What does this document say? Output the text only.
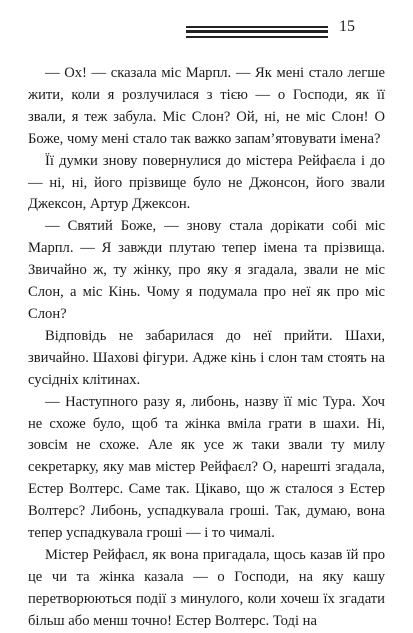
15

— Ох! — сказала міс Марпл. — Як мені стало легше жити, коли я розлучилася з тією — о Господи, як її звали, я теж забула. Міс Слон? Ой, ні, не міс Слон! О Боже, чому мені стало так важко запам’ятовувати імена?

Її думки знову повернулися до містера Рейфаєла і до — ні, ні, його прізвище було не Джонсон, його звали Джексон, Артур Джексон.

— Святий Боже, — знову стала дорікати собі міс Марпл. — Я завжди плутаю тепер імена та прізвища. Звичайно ж, ту жінку, про яку я згадала, звали не міс Слон, а міс Кінь. Чому я подумала про неї як про міс Слон?

Відповідь не забарилася до неї прийти. Шахи, звичайно. Шахові фігури. Адже кінь і слон там стоять на сусідніх клітинах.

— Наступного разу я, либонь, назву її міс Тура. Хоч не схоже було, щоб та жінка вміла грати в шахи. Ні, зовсім не схоже. Але як усе ж таки звали ту милу секретарку, яку мав містер Рейфаєл? О, нарешті згадала, Естер Волтерс. Саме так. Цікаво, що ж сталося з Естер Волтерс? Либонь, успадкувала гроші. Так, думаю, вона тепер успадкувала гроші — і то чималі.

Містер Рейфаєл, як вона пригадала, щось казав їй про це чи та жінка казала — о Господи, на яку кашу перетворюються події з минулого, коли хочеш їх згадати більш або менш точно! Естер Волтерс. Тоді на
